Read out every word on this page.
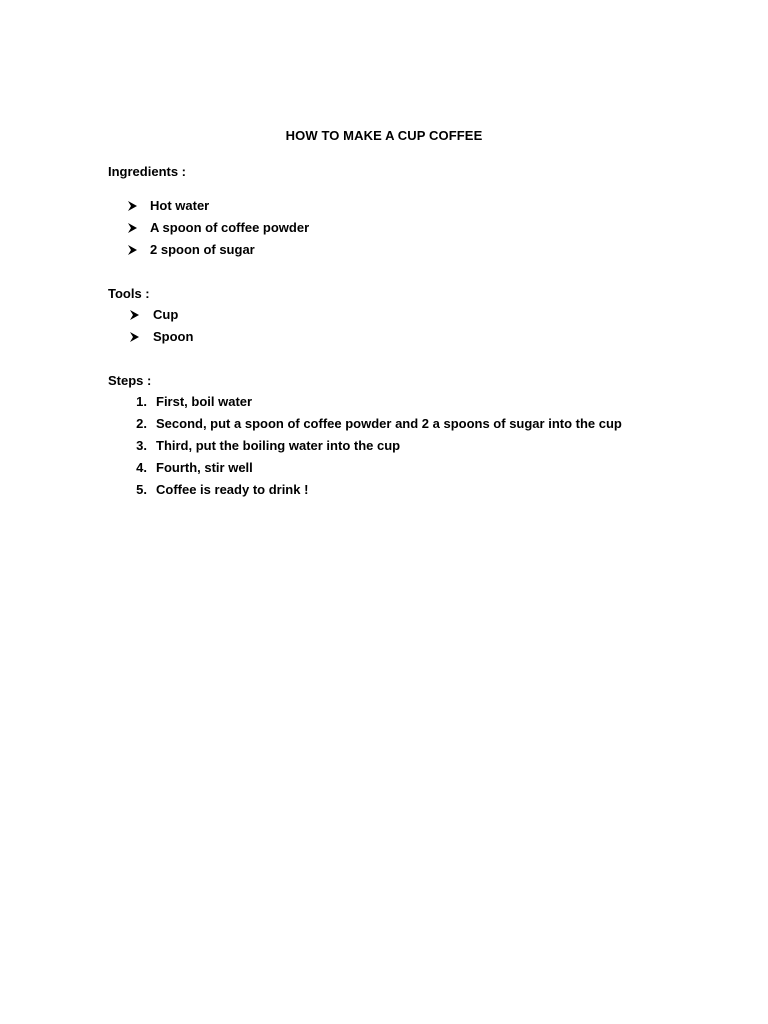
HOW TO MAKE A CUP COFFEE
Ingredients :
Hot water
A spoon of coffee powder
2 spoon of sugar
Tools :
Cup
Spoon
Steps :
1. First, boil water
2. Second, put a spoon of coffee powder and 2 a spoons of sugar into the cup
3. Third, put the boiling water into the cup
4. Fourth, stir well
5. Coffee is ready to drink !
